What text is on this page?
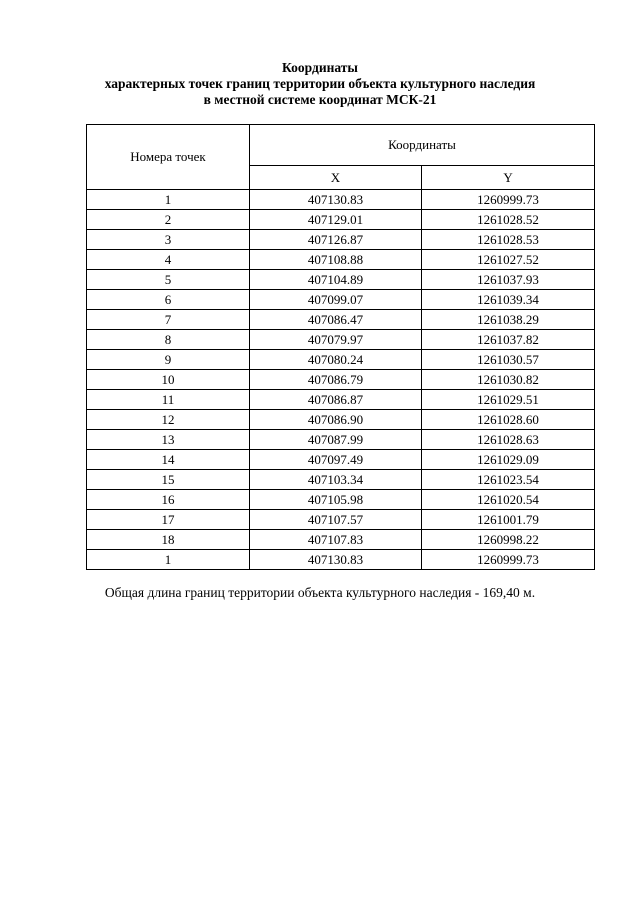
Координаты
характерных точек границ территории объекта культурного наследия
в местной системе координат МСК-21
Номера точек	Координаты	
	X	Y
1	407130.83	1260999.73
2	407129.01	1261028.52
3	407126.87	1261028.53
4	407108.88	1261027.52
5	407104.89	1261037.93
6	407099.07	1261039.34
7	407086.47	1261038.29
8	407079.97	1261037.82
9	407080.24	1261030.57
10	407086.79	1261030.82
11	407086.87	1261029.51
12	407086.90	1261028.60
13	407087.99	1261028.63
14	407097.49	1261029.09
15	407103.34	1261023.54
16	407105.98	1261020.54
17	407107.57	1261001.79
18	407107.83	1260998.22
1	407130.83	1260999.73
Общая длина границ территории объекта культурного наследия - 169,40 м.
